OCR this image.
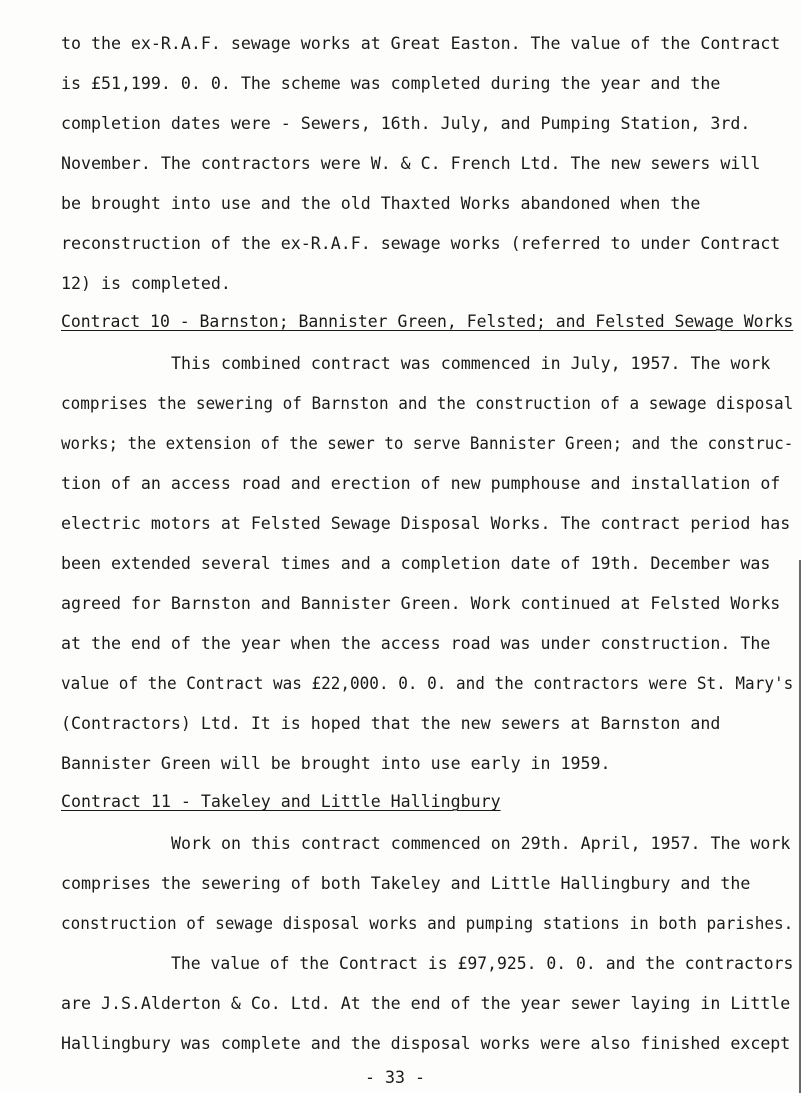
to the ex-R.A.F. sewage works at Great Easton. The value of the Contract
is £51,199. 0. 0. The scheme was completed during the year and the
completion dates were - Sewers, 16th. July, and Pumping Station, 3rd.
November. The contractors were W. & C. French Ltd. The new sewers will
be brought into use and the old Thaxted Works abandoned when the
reconstruction of the ex-R.A.F. sewage works (referred to under Contract
12) is completed.
Contract 10 - Barnston; Bannister Green, Felsted; and Felsted Sewage Works
This combined contract was commenced in July, 1957. The work
comprises the sewering of Barnston and the construction of a sewage disposal
works; the extension of the sewer to serve Bannister Green; and the construc-
tion of an access road and erection of new pumphouse and installation of
electric motors at Felsted Sewage Disposal Works. The contract period has
been extended several times and a completion date of 19th. December was
agreed for Barnston and Bannister Green. Work continued at Felsted Works
at the end of the year when the access road was under construction. The
value of the Contract was £22,000. 0. 0. and the contractors were St. Mary's
(Contractors) Ltd. It is hoped that the new sewers at Barnston and
Bannister Green will be brought into use early in 1959.
Contract 11 - Takeley and Little Hallingbury
Work on this contract commenced on 29th. April, 1957. The work
comprises the sewering of both Takeley and Little Hallingbury and the
construction of sewage disposal works and pumping stations in both parishes.
The value of the Contract is £97,925. 0. 0. and the contractors
are J.S.Alderton & Co. Ltd. At the end of the year sewer laying in Little
Hallingbury was complete and the disposal works were also finished except
- 33 -
